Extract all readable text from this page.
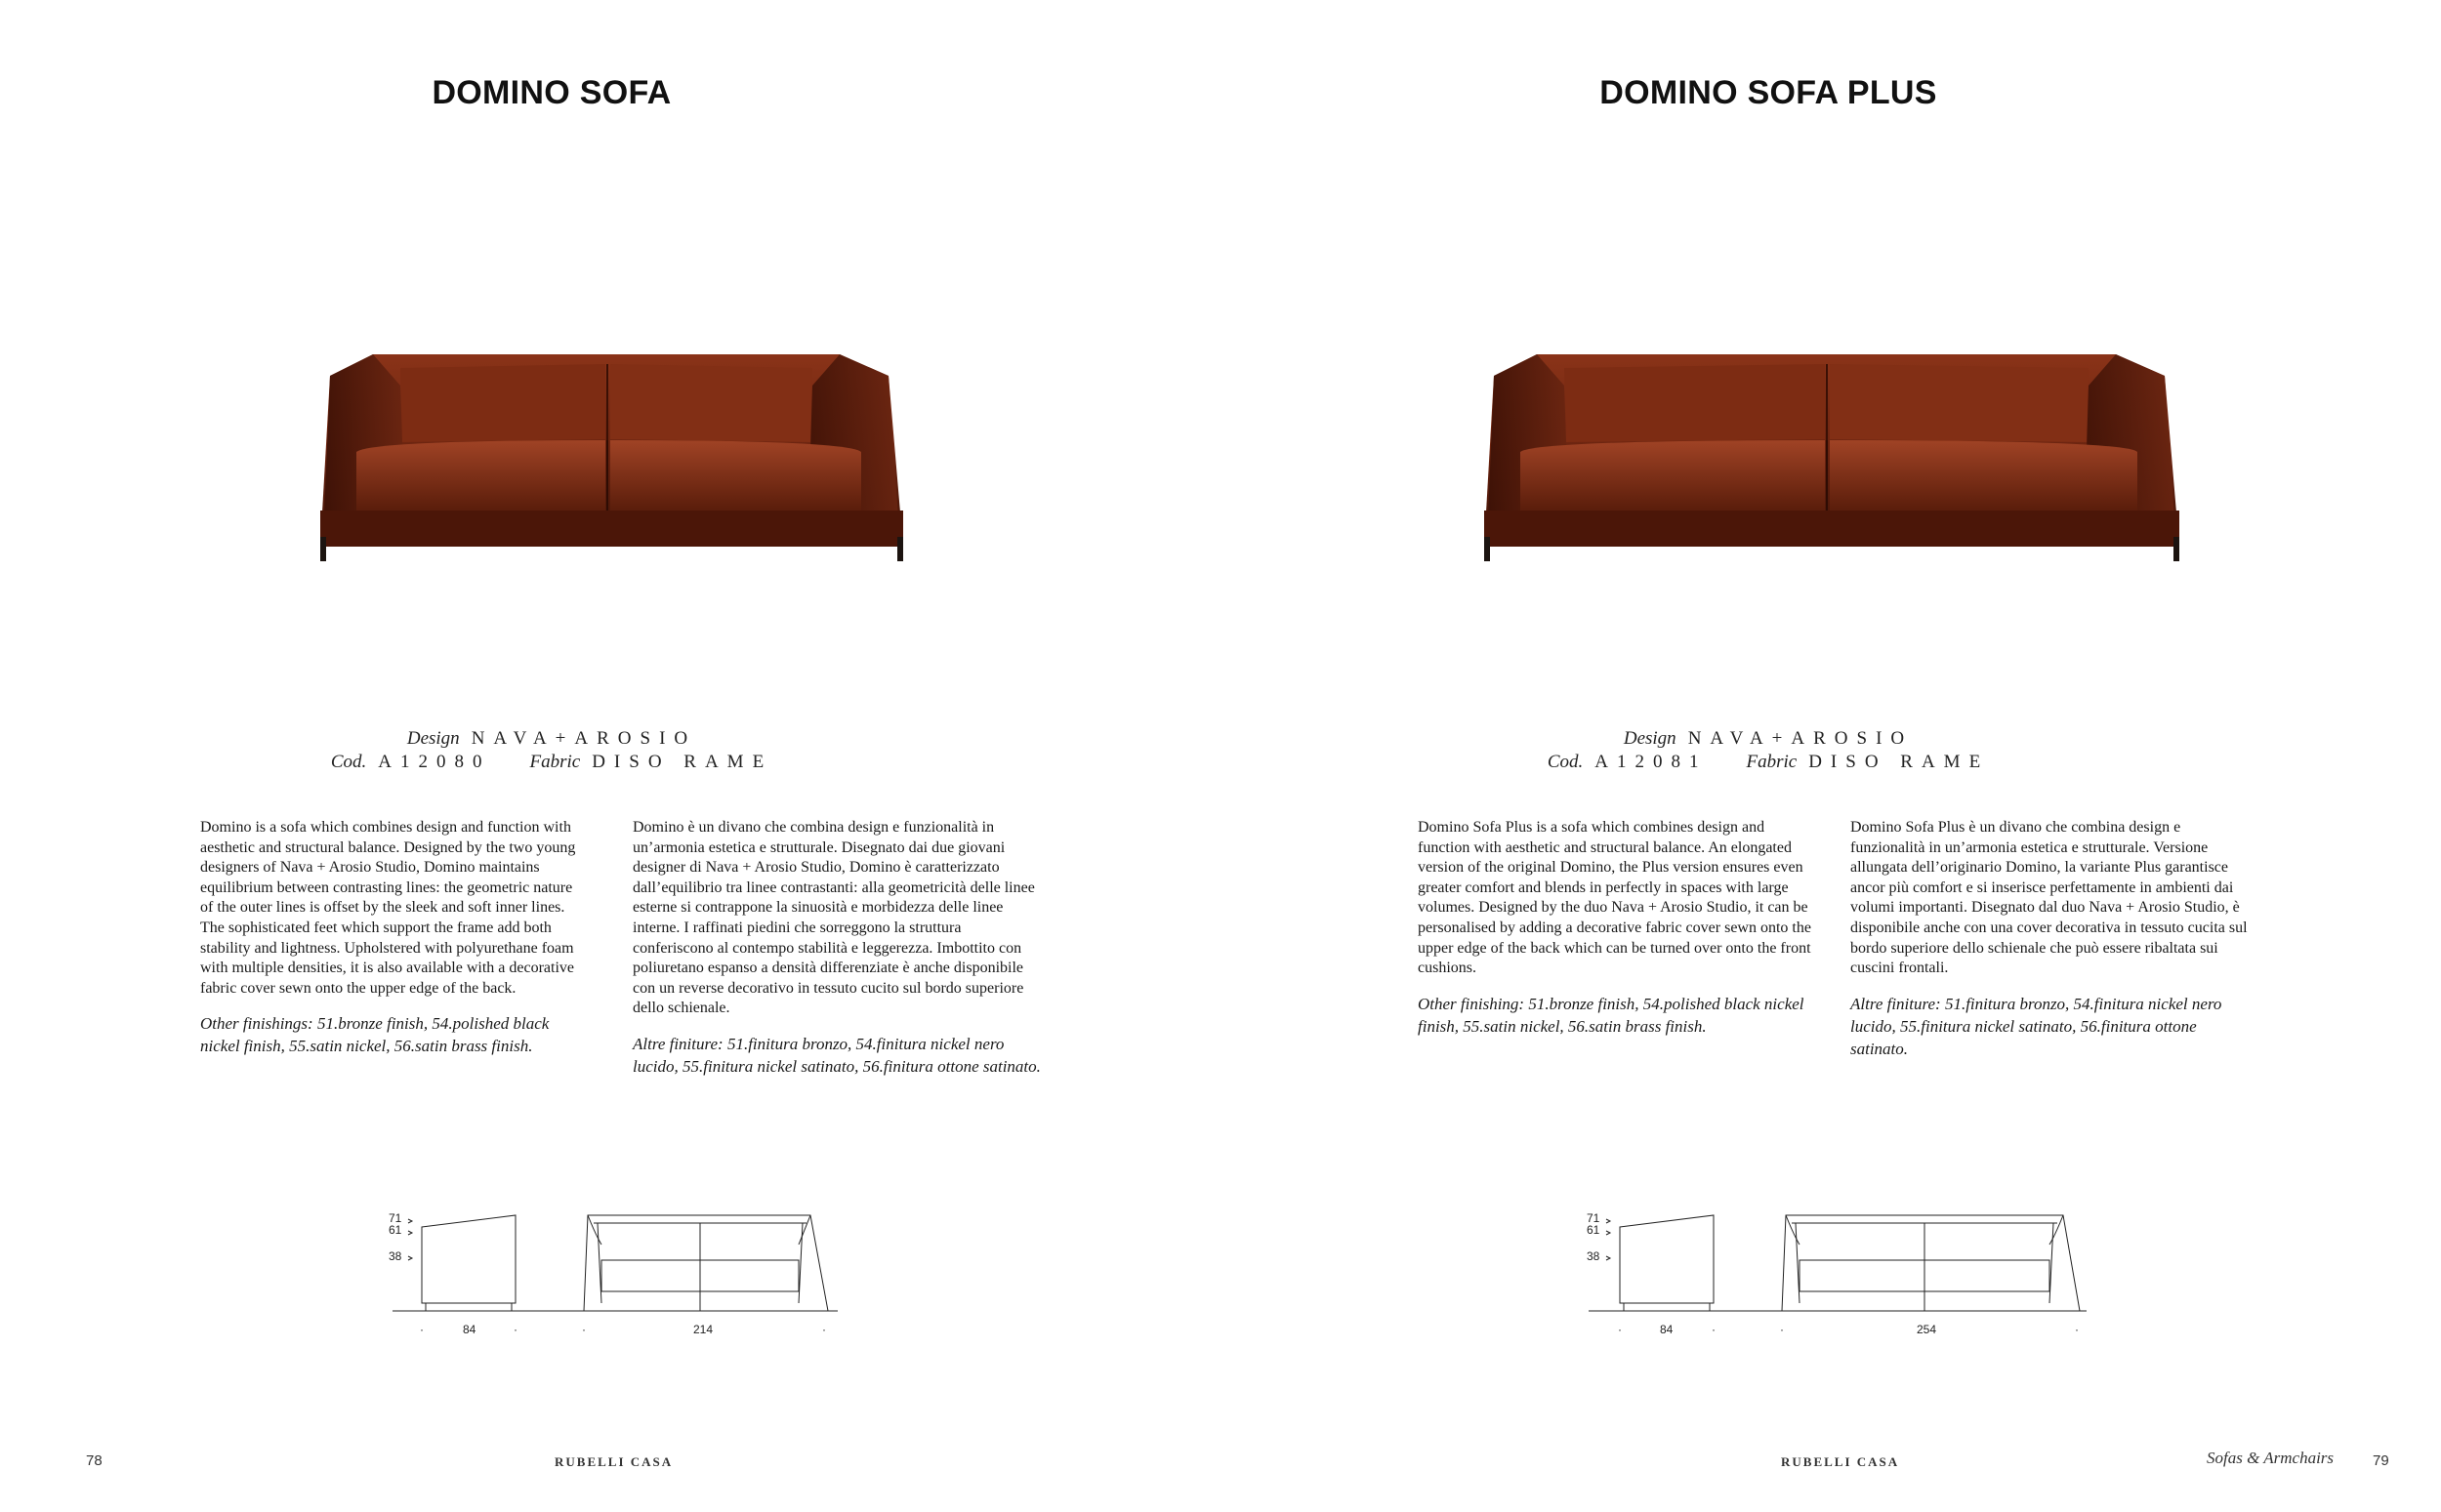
DOMINO SOFA
Design NAVA+AROSIO
Cod. A12080 Fabric DISO RAME

Domino is a sofa which combines design and function with aesthetic and structural balance. Designed by the two young designers of Nava + Arosio Studio, Domino maintains equilibrium between contrasting lines: the geometric nature of the outer lines is offset by the sleek and soft inner lines. The sophisticated feet which support the frame add both stability and lightness. Upholstered with polyurethane foam with multiple densities, it is also available with a decorative fabric cover sewn onto the upper edge of the back.

Other finishings: 51.bronze finish, 54.polished black nickel finish, 55.satin nickel, 56.satin brass finish.

Domino è un divano che combina design e funzionalità in un’armonia estetica e strutturale. Disegnato dai due giovani designer di Nava + Arosio Studio, Domino è caratterizzato dall’equilibrio tra linee contrastanti: alla geometricità delle linee esterne si contrappone la sinuosità e morbidezza delle linee interne. I raffinati piedini che sorreggono la struttura conferiscono al contempo stabilità e leggerezza. Imbottito con poliuretano espanso a densità differenziate è anche disponibile con un reverse decorativo in tessuto cucito sul bordo superiore dello schienale.

Altre finiture: 51.finitura bronzo, 54.finitura nickel nero lucido, 55.finitura nickel satinato, 56.finitura ottone satinato.

71
61
38
·	84	·	·	214	·
78	RUBELLI CASA
DOMINO SOFA PLUS
Design NAVA+AROSIO
Cod. A12081 Fabric DISO RAME

Domino Sofa Plus is a sofa which combines design and function with aesthetic and structural balance. An elongated version of the original Domino, the Plus version ensures even greater comfort and blends in perfectly in spaces with large volumes. Designed by the duo Nava + Arosio Studio, it can be personalised by adding a decorative fabric cover sewn onto the upper edge of the back which can be turned over onto the front cushions.

Other finishing: 51.bronze finish, 54.polished black nickel finish, 55.satin nickel, 56.satin brass finish.

Domino Sofa Plus è un divano che combina design e funzionalità in un’armonia estetica e strutturale. Versione allungata dell’originario Domino, la variante Plus garantisce ancor più comfort e si inserisce perfettamente in ambienti dai volumi importanti. Disegnato dal duo Nava + Arosio Studio, è disponibile anche con una cover decorativa in tessuto cucita sul bordo superiore dello schienale che può essere ribaltata sui cuscini frontali.

Altre finiture: 51.finitura bronzo, 54.finitura nickel nero lucido, 55.finitura nickel satinato, 56.finitura ottone satinato.

71
61
38
·	84	·	·	254	·
RUBELLI CASA	Sofas & Armchairs	79
